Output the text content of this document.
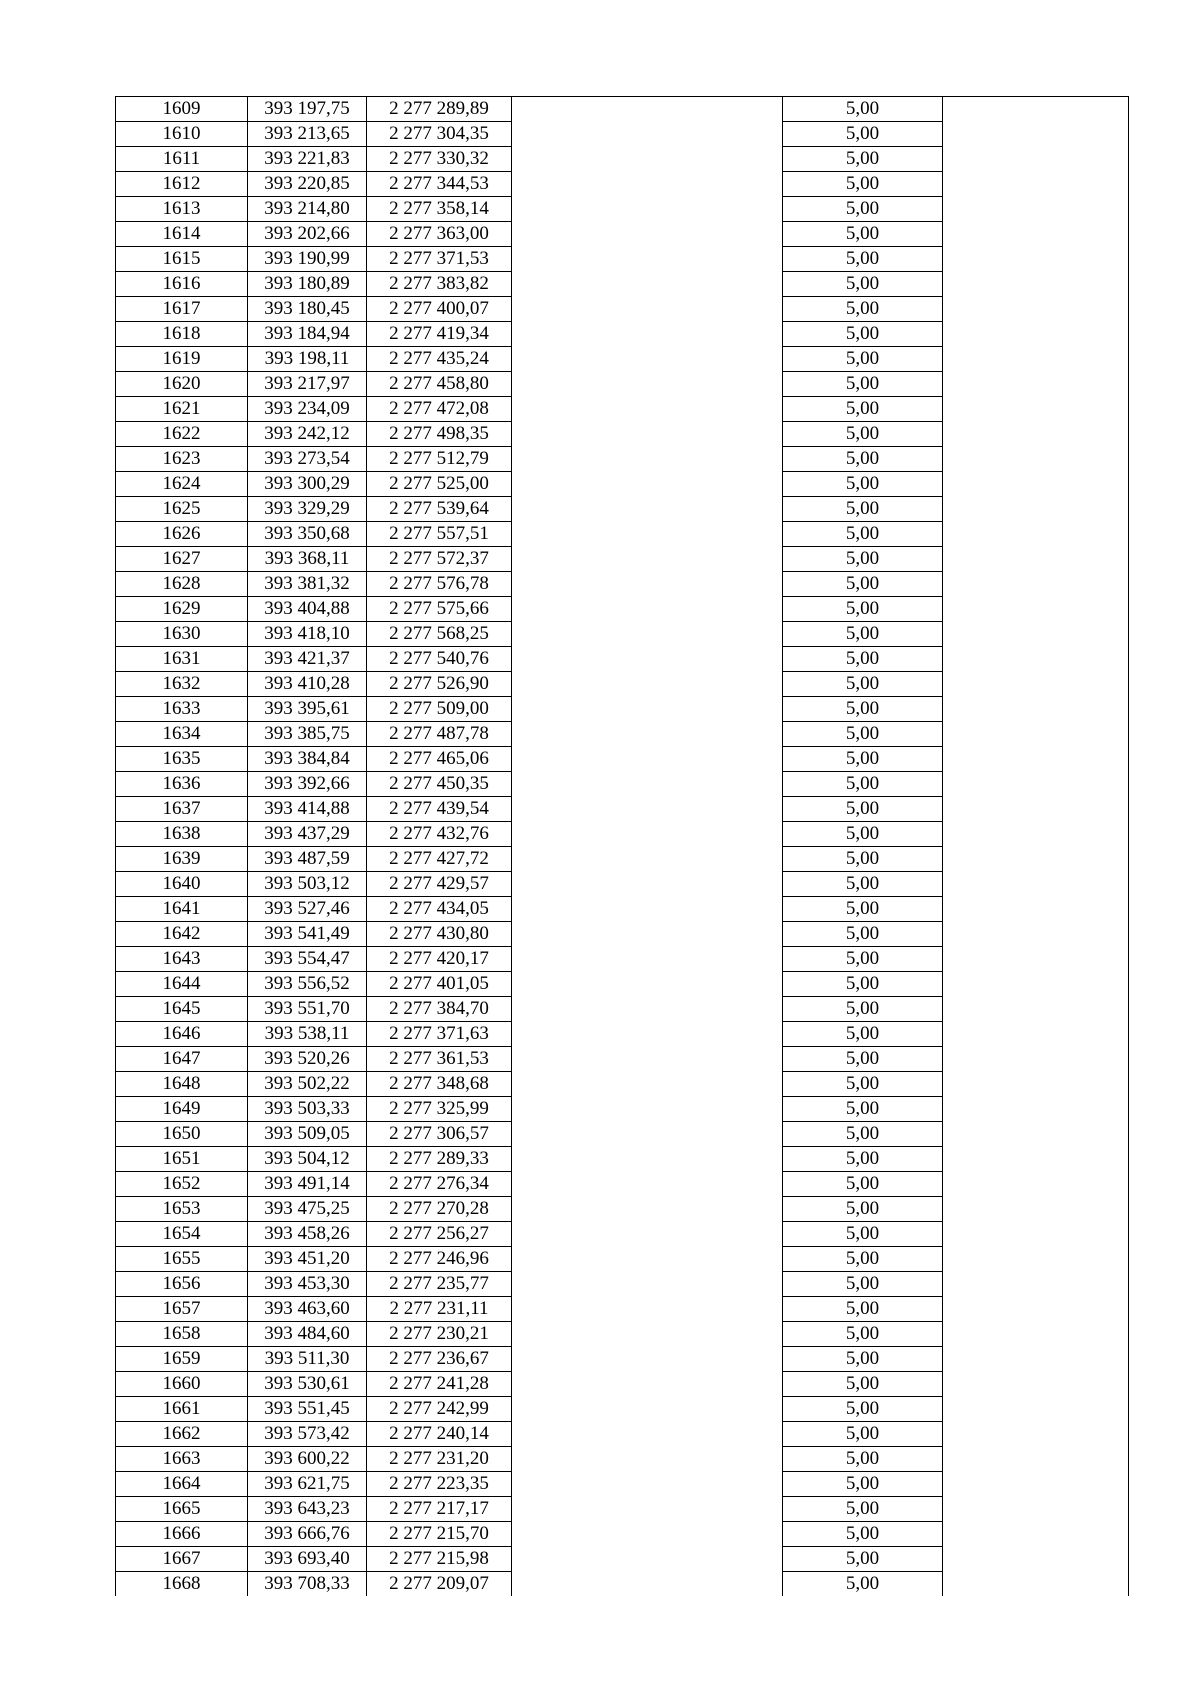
1609	393 197,75	2 277 289,89		5,00	
1610	393 213,65	2 277 304,35		5,00	
1611	393 221,83	2 277 330,32		5,00	
1612	393 220,85	2 277 344,53		5,00	
1613	393 214,80	2 277 358,14		5,00	
1614	393 202,66	2 277 363,00		5,00	
1615	393 190,99	2 277 371,53		5,00	
1616	393 180,89	2 277 383,82		5,00	
1617	393 180,45	2 277 400,07		5,00	
1618	393 184,94	2 277 419,34		5,00	
1619	393 198,11	2 277 435,24		5,00	
1620	393 217,97	2 277 458,80		5,00	
1621	393 234,09	2 277 472,08		5,00	
1622	393 242,12	2 277 498,35		5,00	
1623	393 273,54	2 277 512,79		5,00	
1624	393 300,29	2 277 525,00		5,00	
1625	393 329,29	2 277 539,64		5,00	
1626	393 350,68	2 277 557,51		5,00	
1627	393 368,11	2 277 572,37		5,00	
1628	393 381,32	2 277 576,78		5,00	
1629	393 404,88	2 277 575,66		5,00	
1630	393 418,10	2 277 568,25		5,00	
1631	393 421,37	2 277 540,76		5,00	
1632	393 410,28	2 277 526,90		5,00	
1633	393 395,61	2 277 509,00		5,00	
1634	393 385,75	2 277 487,78		5,00	
1635	393 384,84	2 277 465,06		5,00	
1636	393 392,66	2 277 450,35		5,00	
1637	393 414,88	2 277 439,54		5,00	
1638	393 437,29	2 277 432,76		5,00	
1639	393 487,59	2 277 427,72		5,00	
1640	393 503,12	2 277 429,57		5,00	
1641	393 527,46	2 277 434,05		5,00	
1642	393 541,49	2 277 430,80		5,00	
1643	393 554,47	2 277 420,17		5,00	
1644	393 556,52	2 277 401,05		5,00	
1645	393 551,70	2 277 384,70		5,00	
1646	393 538,11	2 277 371,63		5,00	
1647	393 520,26	2 277 361,53		5,00	
1648	393 502,22	2 277 348,68		5,00	
1649	393 503,33	2 277 325,99		5,00	
1650	393 509,05	2 277 306,57		5,00	
1651	393 504,12	2 277 289,33		5,00	
1652	393 491,14	2 277 276,34		5,00	
1653	393 475,25	2 277 270,28		5,00	
1654	393 458,26	2 277 256,27		5,00	
1655	393 451,20	2 277 246,96		5,00	
1656	393 453,30	2 277 235,77		5,00	
1657	393 463,60	2 277 231,11		5,00	
1658	393 484,60	2 277 230,21		5,00	
1659	393 511,30	2 277 236,67		5,00	
1660	393 530,61	2 277 241,28		5,00	
1661	393 551,45	2 277 242,99		5,00	
1662	393 573,42	2 277 240,14		5,00	
1663	393 600,22	2 277 231,20		5,00	
1664	393 621,75	2 277 223,35		5,00	
1665	393 643,23	2 277 217,17		5,00	
1666	393 666,76	2 277 215,70		5,00	
1667	393 693,40	2 277 215,98		5,00	
1668	393 708,33	2 277 209,07		5,00	
